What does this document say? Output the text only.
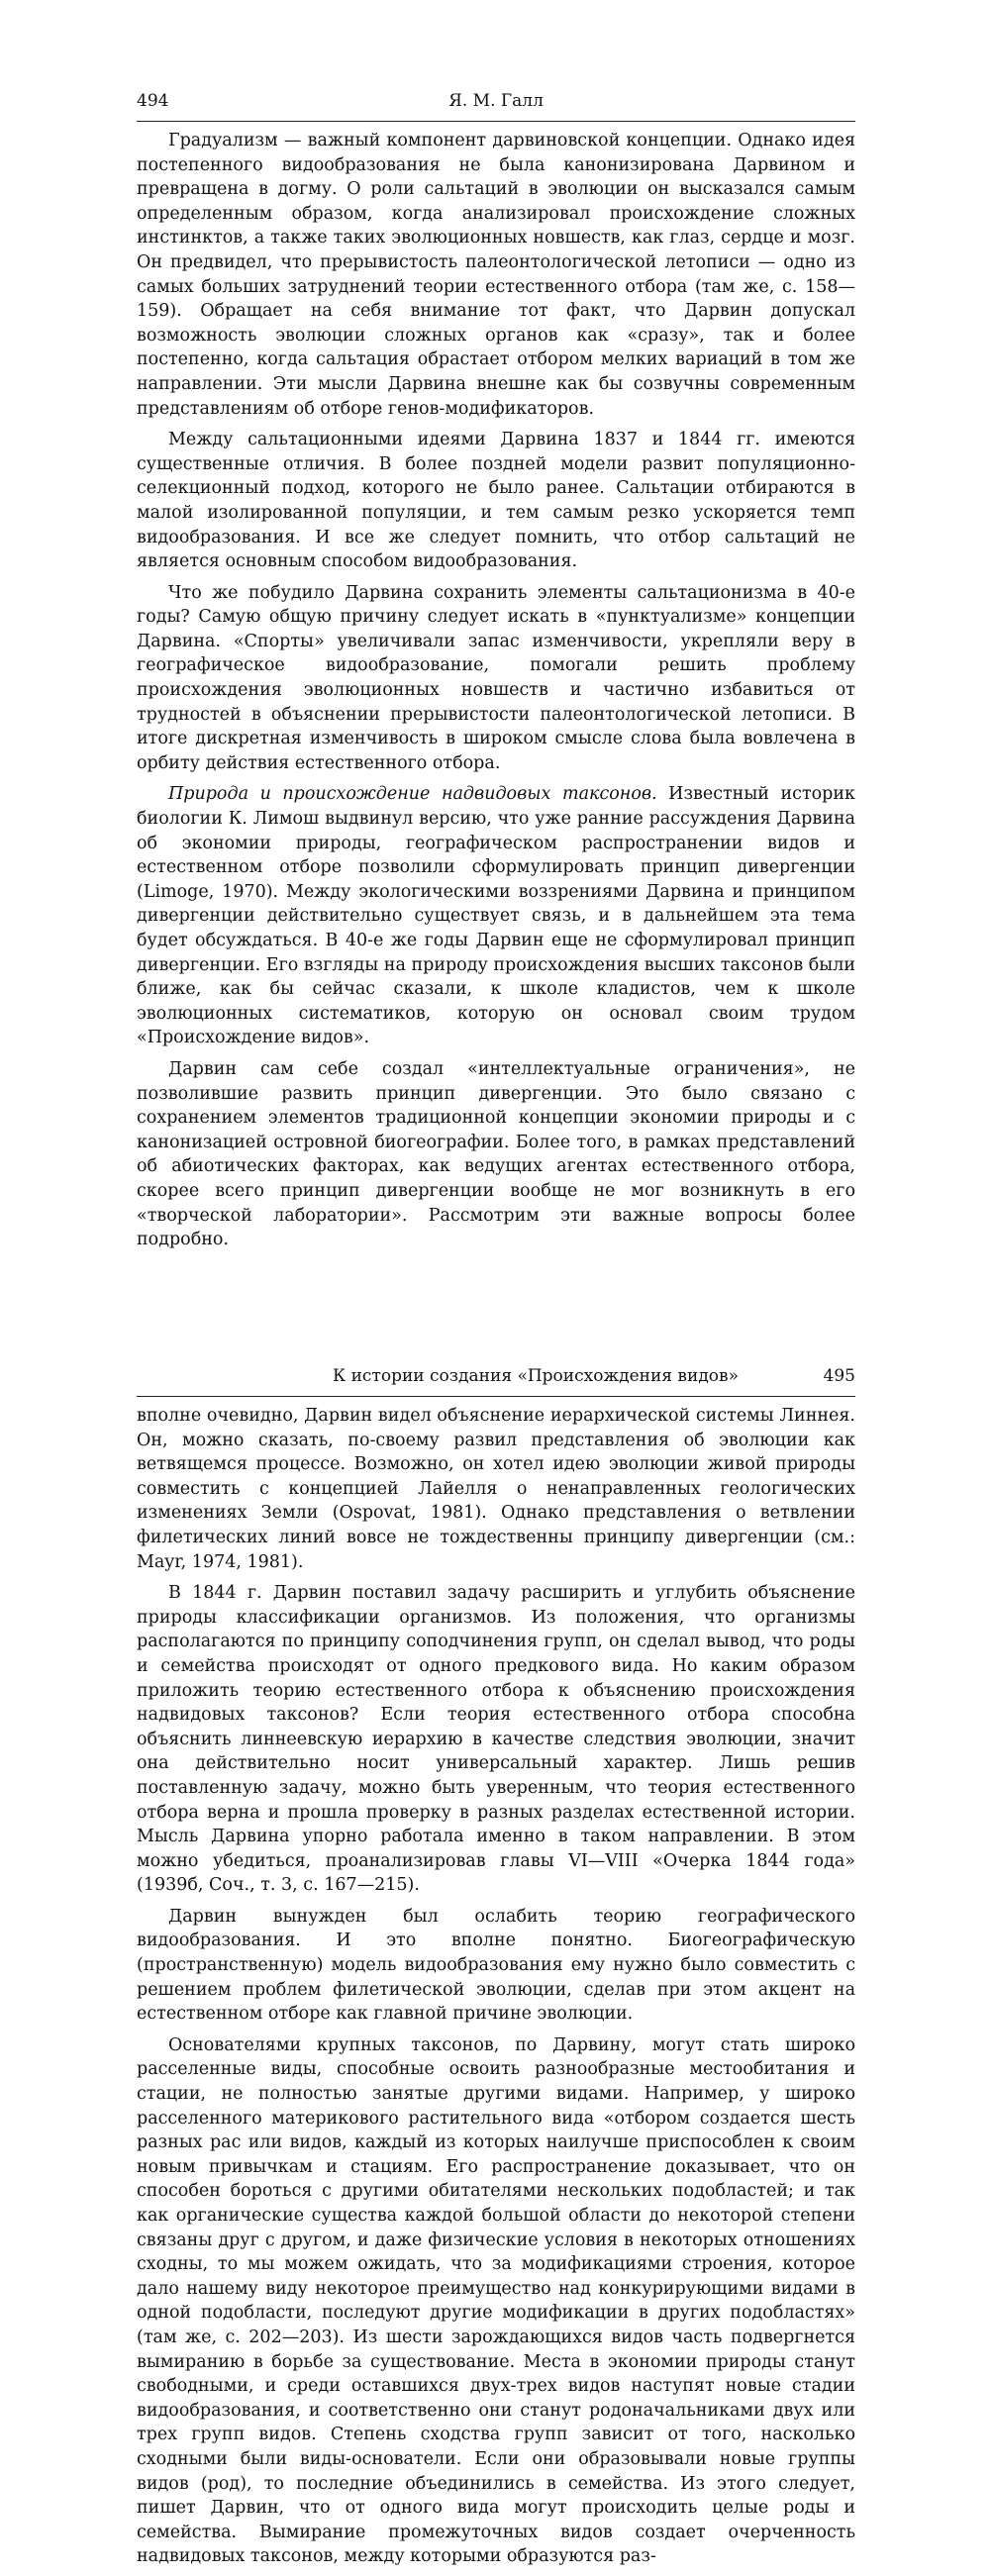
494	Я. М. Галл

Градуализм — важный компонент дарвиновской концепции. Однако идея постепенного видообразования не была канонизирована Дарвином и превращена в догму. О роли сальтаций в эволюции он высказался самым определенным образом, когда анализировал происхождение сложных инстинктов, а также таких эволюционных новшеств, как глаз, сердце и мозг. Он предвидел, что прерывистость палеонтологической летописи — одно из самых больших затруднений теории естественного отбора (там же, с. 158—159). Обращает на себя внимание тот факт, что Дарвин допускал возможность эволюции сложных органов как «сразу», так и более постепенно, когда сальтация обрастает отбором мелких вариаций в том же направлении. Эти мысли Дарвина внешне как бы созвучны современным представлениям об отборе генов-модификаторов.

Между сальтационными идеями Дарвина 1837 и 1844 гг. имеются существенные отличия. В более поздней модели развит популяционно-селекционный подход, которого не было ранее. Сальтации отбираются в малой изолированной популяции, и тем самым резко ускоряется темп видообразования. И все же следует помнить, что отбор сальтаций не является основным способом видообразования.

Что же побудило Дарвина сохранить элементы сальтационизма в 40-е годы? Самую общую причину следует искать в «пунктуализме» концепции Дарвина. «Спорты» увеличивали запас изменчивости, укрепляли веру в географическое видообразование, помогали решить проблему происхождения эволюционных новшеств и частично избавиться от трудностей в объяснении прерывистости палеонтологической летописи. В итоге дискретная изменчивость в широком смысле слова была вовлечена в орбиту действия естественного отбора.

Природа и происхождение надвидовых таксонов. Известный историк биологии К. Лимош выдвинул версию, что уже ранние рассуждения Дарвина об экономии природы, географическом распространении видов и естественном отборе позволили сформулировать принцип дивергенции (Limoge, 1970). Между экологическими воззрениями Дарвина и принципом дивергенции действительно существует связь, и в дальнейшем эта тема будет обсуждаться. В 40-е же годы Дарвин еще не сформулировал принцип дивергенции. Его взгляды на природу происхождения высших таксонов были ближе, как бы сейчас сказали, к школе кладистов, чем к школе эволюционных систематиков, которую он основал своим трудом «Происхождение видов».

Дарвин сам себе создал «интеллектуальные ограничения», не позволившие развить принцип дивергенции. Это было связано с сохранением элементов традиционной концепции экономии природы и с канонизацией островной биогеографии. Более того, в рамках представлений об абиотических факторах, как ведущих агентах естественного отбора, скорее всего принцип дивергенции вообще не мог возникнуть в его «творческой лаборатории». Рассмотрим эти важные вопросы более подробно.

К истории создания «Происхождения видов»	495

вполне очевидно, Дарвин видел объяснение иерархической системы Линнея. Он, можно сказать, по-своему развил представления об эволюции как ветвящемся процессе. Возможно, он хотел идею эволюции живой природы совместить с концепцией Лайелля о ненаправленных геологических изменениях Земли (Ospovat, 1981). Однако представления о ветвлении филетических линий вовсе не тождественны принципу дивергенции (см.: Mayr, 1974, 1981).

В 1844 г. Дарвин поставил задачу расширить и углубить объяснение природы классификации организмов. Из положения, что организмы располагаются по принципу соподчинения групп, он сделал вывод, что роды и семейства происходят от одного предкового вида. Но каким образом приложить теорию естественного отбора к объяснению происхождения надвидовых таксонов? Если теория естественного отбора способна объяснить линнеевскую иерархию в качестве следствия эволюции, значит она действительно носит универсальный характер. Лишь решив поставленную задачу, можно быть уверенным, что теория естественного отбора верна и прошла проверку в разных разделах естественной истории. Мысль Дарвина упорно работала именно в таком направлении. В этом можно убедиться, проанализировав главы VI—VIII «Очерка 1844 года» (1939б, Соч., т. 3, с. 167—215).

Дарвин вынужден был ослабить теорию географического видообразования. И это вполне понятно. Биогеографическую (пространственную) модель видообразования ему нужно было совместить с решением проблем филетической эволюции, сделав при этом акцент на естественном отборе как главной причине эволюции.

Основателями крупных таксонов, по Дарвину, могут стать широко расселенные виды, способные освоить разнообразные местообитания и стации, не полностью занятые другими видами. Например, у широко расселенного материкового растительного вида «отбором создается шесть разных рас или видов, каждый из которых наилучше приспособлен к своим новым привычкам и стациям. Его распространение доказывает, что он способен бороться с другими обитателями нескольких подобластей; и так как органические существа каждой большой области до некоторой степени связаны друг с другом, и даже физические условия в некоторых отношениях сходны, то мы можем ожидать, что за модификациями строения, которое дало нашему виду некоторое преимущество над конкурирующими видами в одной подобласти, последуют другие модификации в других подобластях» (там же, с. 202—203). Из шести зарождающихся видов часть подвергнется вымиранию в борьбе за существование. Места в экономии природы станут свободными, и среди оставшихся двух-трех видов наступят новые стадии видообразования, и соответственно они станут родоначальниками двух или трех групп видов. Степень сходства групп зависит от того, насколько сходными были виды-основатели. Если они образовывали новые группы видов (род), то последние объединились в семейства. Из этого следует, пишет Дарвин, что от одного вида могут происходить целые роды и семейства. Вымирание промежуточных видов создает очерченность надвидовых таксонов, между которыми образуются раз-
